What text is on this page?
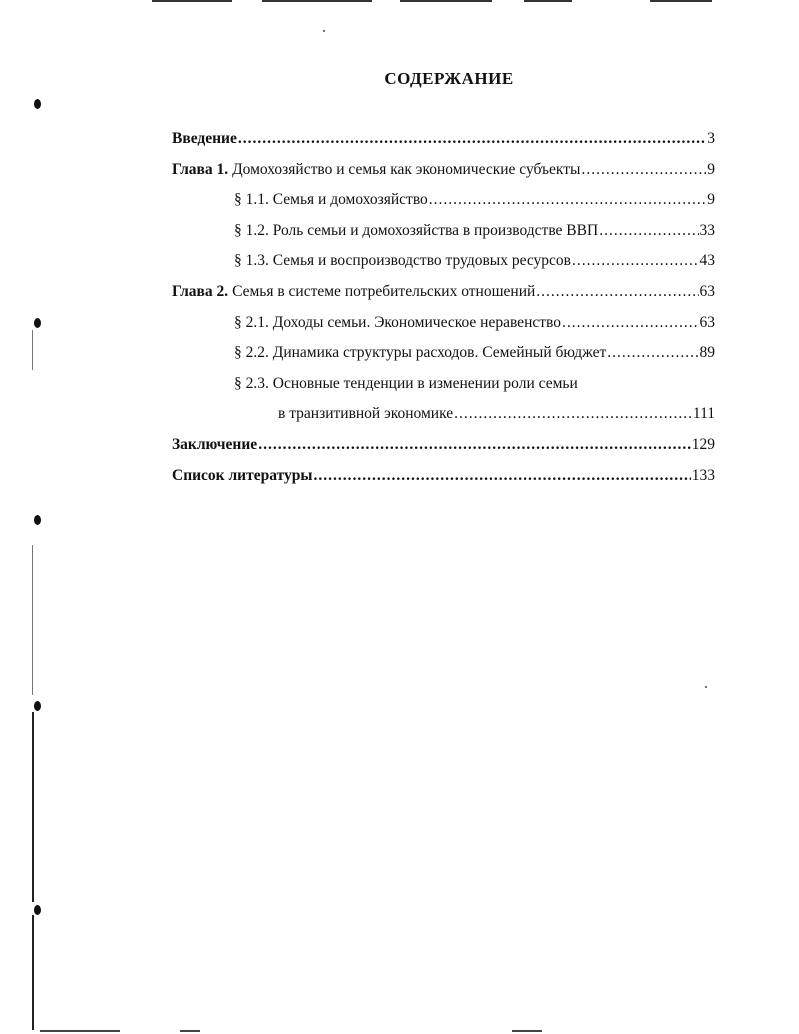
СОДЕРЖАНИЕ
Введение .....	3
Глава 1. Домохозяйство и семья как экономические субъекты .....	9
§ 1.1. Семья и домохозяйство .....	9
§ 1.2. Роль семьи и домохозяйства в производстве ВВП .....	33
§ 1.3. Семья и воспроизводство трудовых ресурсов .....	43
Глава 2. Семья в системе потребительских отношений .....	63
§ 2.1. Доходы семьи. Экономическое неравенство .....	63
§ 2.2. Динамика структуры расходов. Семейный бюджет .....	89
§ 2.3. Основные тенденции в изменении роли семьи
в транзитивной экономике .....	111
Заключение .....	129
Список литературы .....	133
